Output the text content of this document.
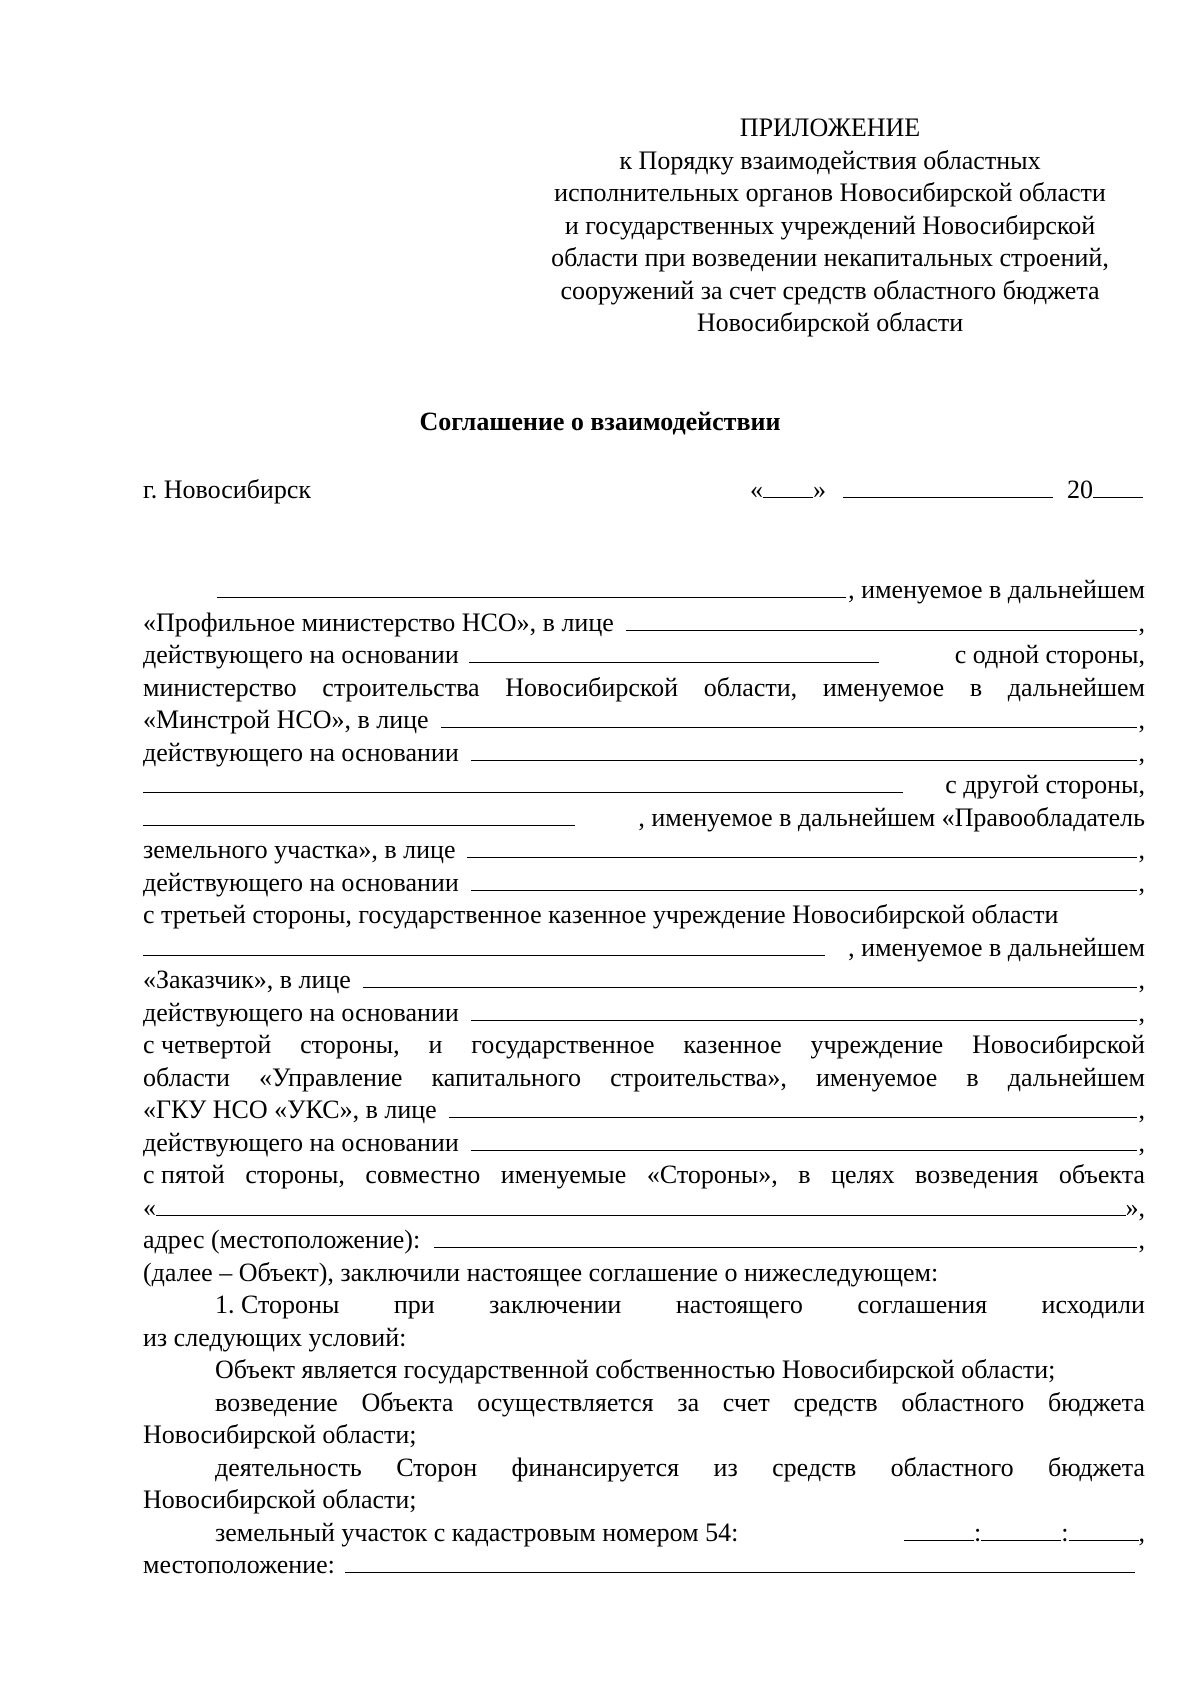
ПРИЛОЖЕНИЕ
к Порядку взаимодействия областных
исполнительных органов Новосибирской области
и государственных учреждений Новосибирской
области при возведении некапитальных строений,
сооружений за счет средств областного бюджета
Новосибирской области
Соглашение о взаимодействии
г. Новосибирск	« »	20
, именуемое в дальнейшем
«Профильное министерство НСО», в лице	,
действующего на основании	с одной стороны,
министерство строительства Новосибирской области, именуемое в дальнейшем
«Минстрой НСО», в лице	,
действующего на основании	,
с другой стороны,
, именуемое в дальнейшем «Правообладатель
земельного участка», в лице	,
действующего на основании	,
с третьей стороны, государственное казенное учреждение Новосибирской области
, именуемое в дальнейшем
«Заказчик», в лице	,
действующего на основании	,
с четвертой стороны, и государственное казенное учреждение Новосибирской
области «Управление капитального строительства», именуемое в дальнейшем
«ГКУ НСО «УКС», в лице	,
действующего на основании	,
с пятой стороны, совместно именуемые «Стороны», в целях возведения объекта
«	»,
адрес (местоположение):	,
(далее – Объект), заключили настоящее соглашение о нижеследующем:
1. Стороны при заключении настоящего соглашения исходили
из следующих условий:
Объект является государственной собственностью Новосибирской области;
возведение Объекта осуществляется за счет средств областного бюджета
Новосибирской области;
деятельность Сторон финансируется из средств областного бюджета
Новосибирской области;
земельный участок с кадастровым номером 54:	:	:	,
местоположение:
